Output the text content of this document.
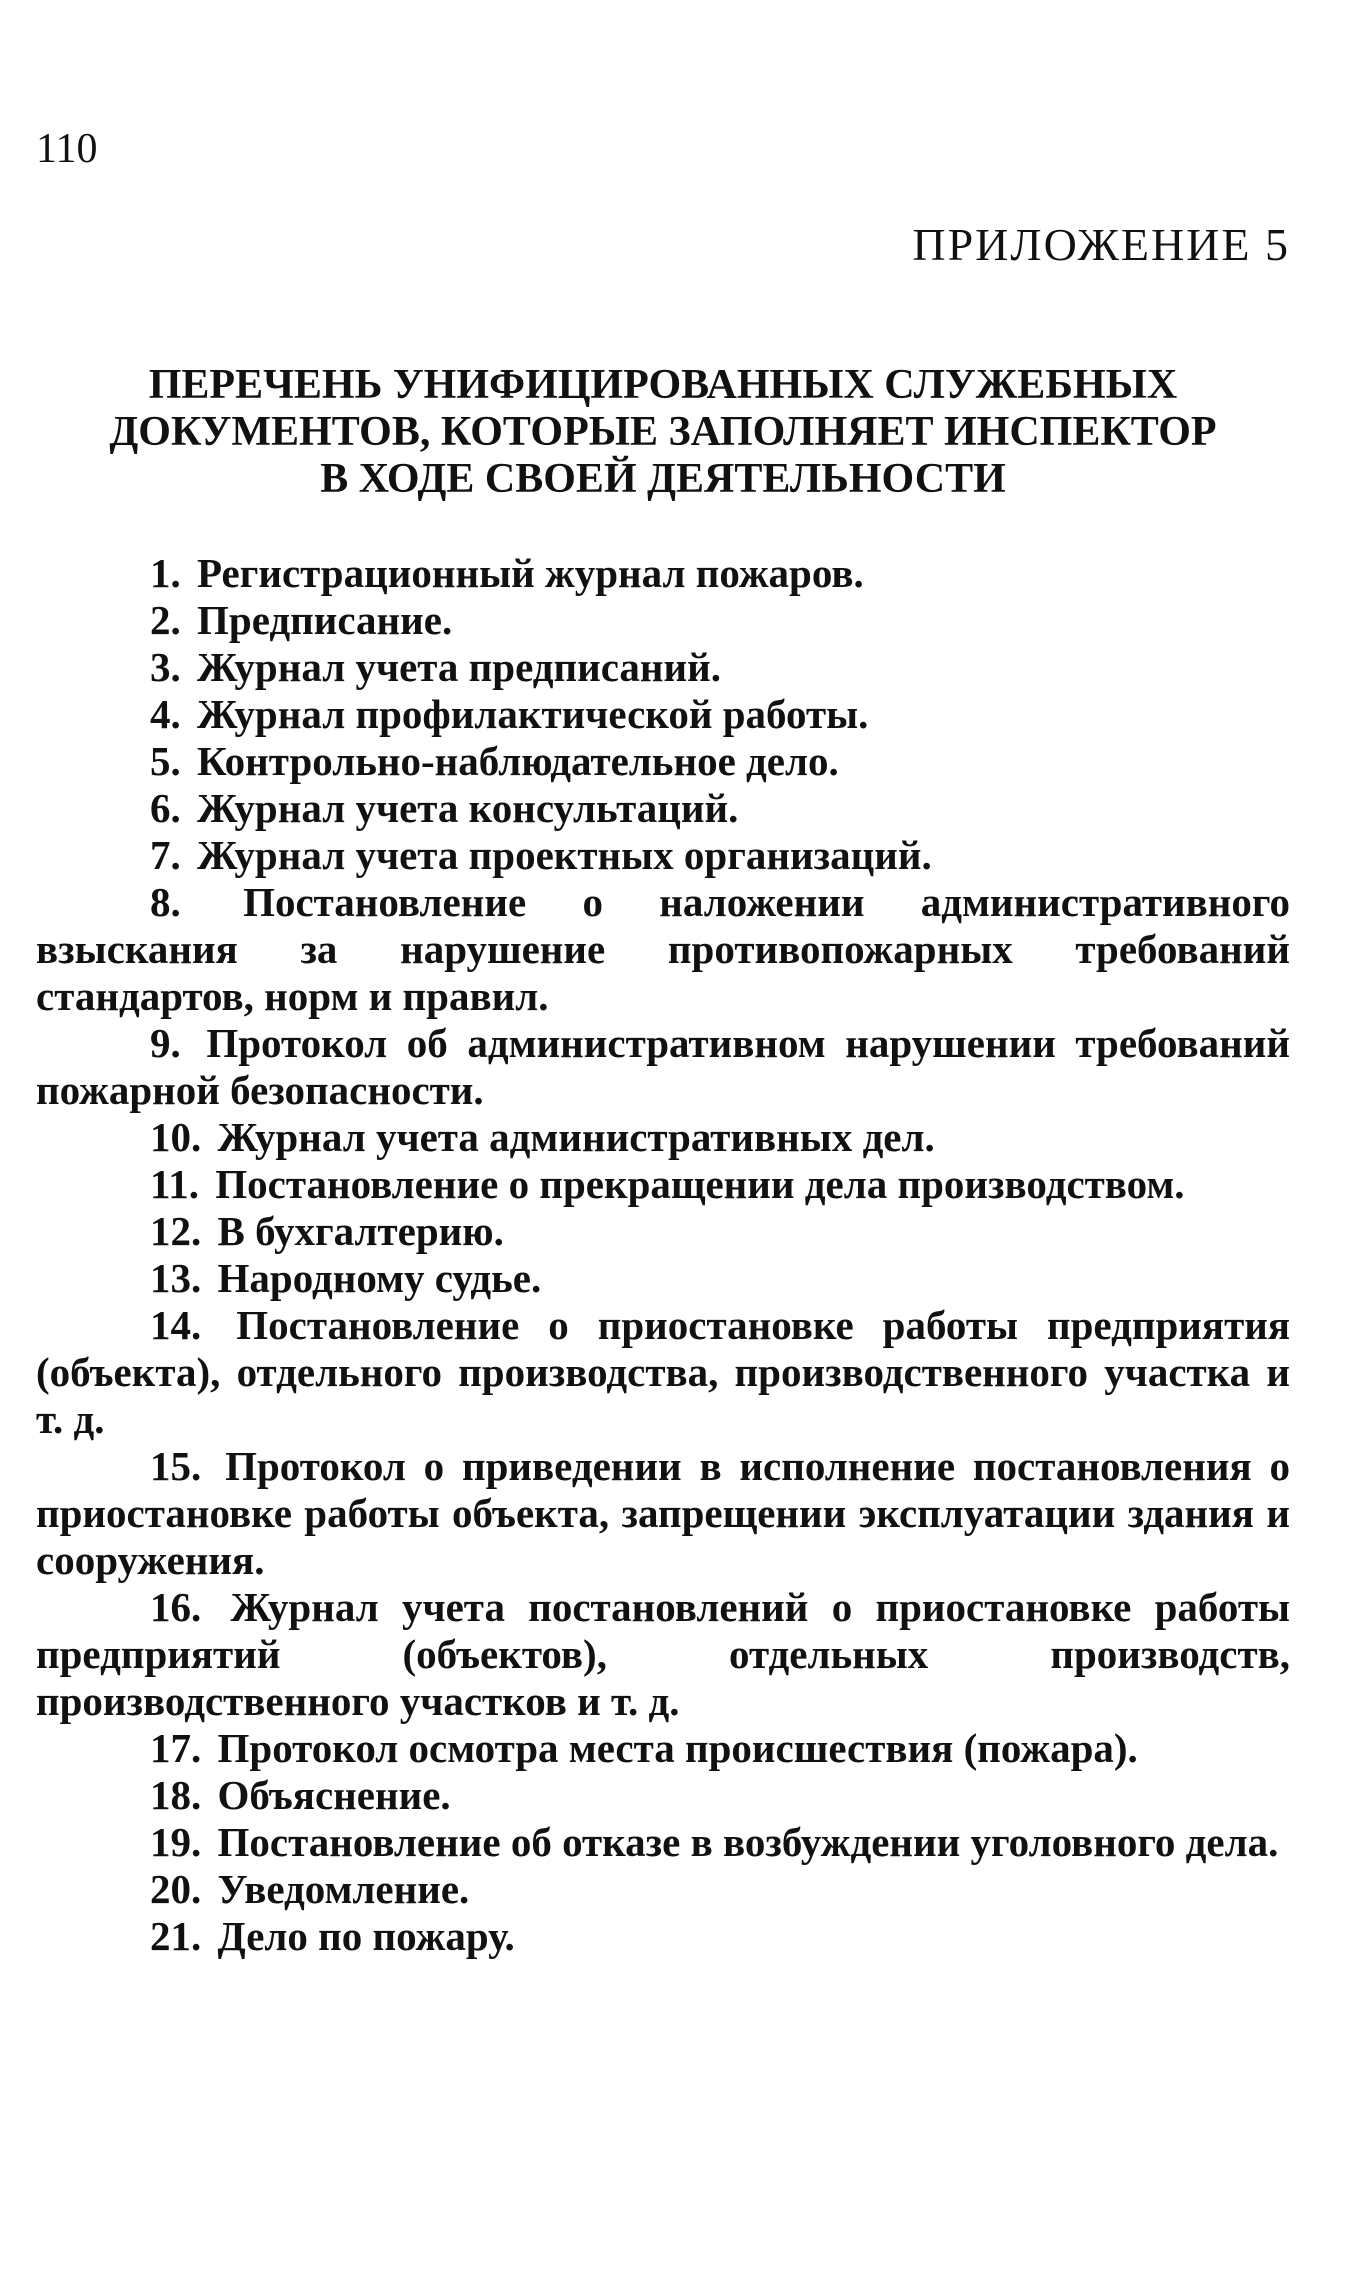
110
ПРИЛОЖЕНИЕ 5
ПЕРЕЧЕНЬ УНИФИЦИРОВАННЫХ СЛУЖЕБНЫХ
ДОКУМЕНТОВ, КОТОРЫЕ ЗАПОЛНЯЕТ ИНСПЕКТОР
В ХОДЕ СВОЕЙ ДЕЯТЕЛЬНОСТИ
1. Регистрационный журнал пожаров.
2. Предписание.
3. Журнал учета предписаний.
4. Журнал профилактической работы.
5. Контрольно-наблюдательное дело.
6. Журнал учета консультаций.
7. Журнал учета проектных организаций.
8. Постановление о наложении административного взыскания за нарушение противопожарных требований стандартов, норм и правил.
9. Протокол об административном нарушении требований пожарной безопасности.
10. Журнал учета административных дел.
11. Постановление о прекращении дела производством.
12. В бухгалтерию.
13. Народному судье.
14. Постановление о приостановке работы предприятия (объекта), отдельного производства, производственного участка и т. д.
15. Протокол о приведении в исполнение постановления о приостановке работы объекта, запрещении эксплуатации здания и сооружения.
16. Журнал учета постановлений о приостановке работы предприятий (объектов), отдельных производств, производственного участков и т. д.
17. Протокол осмотра места происшествия (пожара).
18. Объяснение.
19. Постановление об отказе в возбуждении уголовного дела.
20. Уведомление.
21. Дело по пожару.
